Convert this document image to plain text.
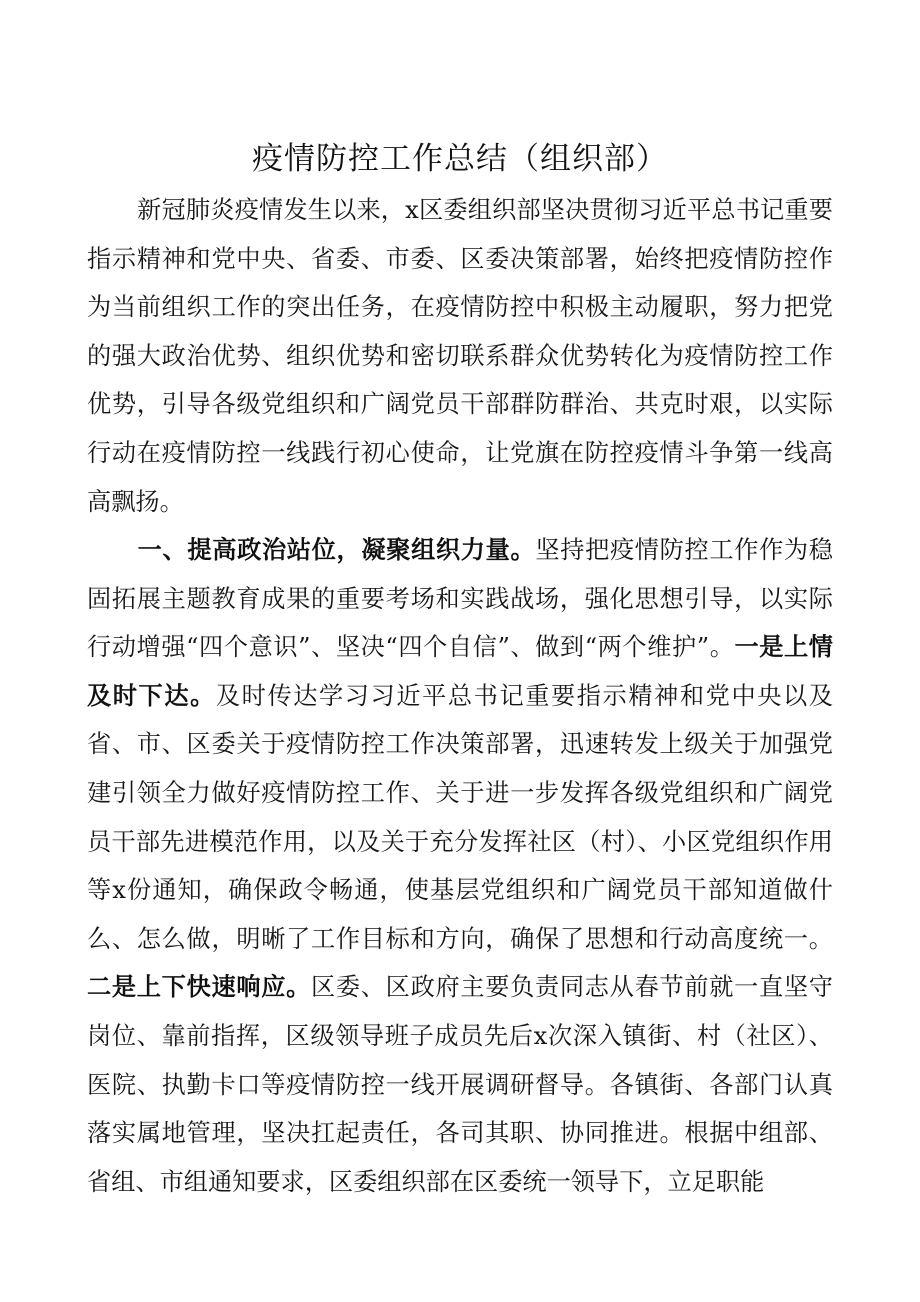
疫情防控工作总结（组织部）

新冠肺炎疫情发生以来，x区委组织部坚决贯彻习近平总书记重要指示精神和党中央、省委、市委、区委决策部署，始终把疫情防控作为当前组织工作的突出任务，在疫情防控中积极主动履职，努力把党的强大政治优势、组织优势和密切联系群众优势转化为疫情防控工作优势，引导各级党组织和广阔党员干部群防群治、共克时艰，以实际行动在疫情防控一线践行初心使命，让党旗在防控疫情斗争第一线高高飘扬。

一、提高政治站位，凝聚组织力量。坚持把疫情防控工作作为稳固拓展主题教育成果的重要考场和实践战场，强化思想引导，以实际行动增强“四个意识”、坚决“四个自信”、做到“两个维护”。一是上情及时下达。及时传达学习习近平总书记重要指示精神和党中央以及省、市、区委关于疫情防控工作决策部署，迅速转发上级关于加强党建引领全力做好疫情防控工作、关于进一步发挥各级党组织和广阔党员干部先进模范作用，以及关于充分发挥社区（村）、小区党组织作用等x份通知，确保政令畅通，使基层党组织和广阔党员干部知道做什么、怎么做，明晰了工作目标和方向，确保了思想和行动高度统一。二是上下快速响应。区委、区政府主要负责同志从春节前就一直坚守岗位、靠前指挥，区级领导班子成员先后x次深入镇街、村（社区）、医院、执勤卡口等疫情防控一线开展调研督导。各镇街、各部门认真落实属地管理，坚决扛起责任，各司其职、协同推进。根据中组部、省组、市组通知要求，区委组织部在区委统一领导下，立足职能
